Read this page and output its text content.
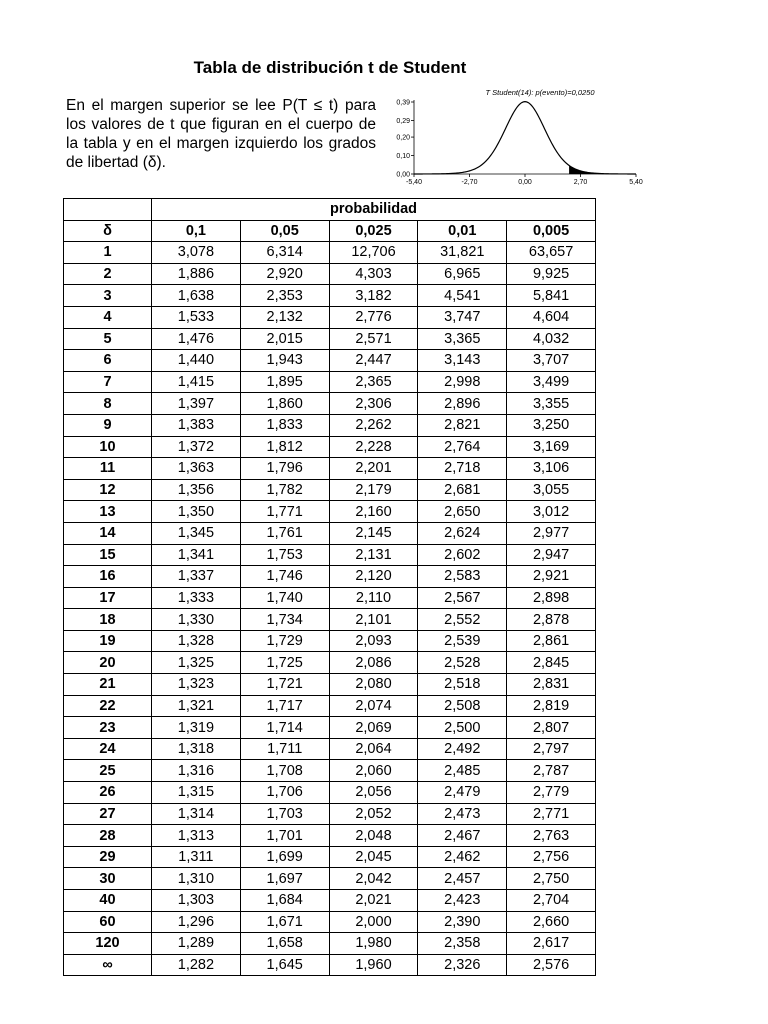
Tabla de distribución t de Student
En el margen superior se lee P(T ≤ t) para los valores de t que figuran en el cuerpo de la tabla y en el margen izquierdo los grados de libertad (δ).
0,00
0,10
0,20
0,29
0,39
-5,40	-2,70	0,00	2,70	5,40
T Student(14): p(evento)=0,0250
	probabilidad				
δ	0,1	0,05	0,025	0,01	0,005
1	3,078	6,314	12,706	31,821	63,657
2	1,886	2,920	4,303	6,965	9,925
3	1,638	2,353	3,182	4,541	5,841
4	1,533	2,132	2,776	3,747	4,604
5	1,476	2,015	2,571	3,365	4,032
6	1,440	1,943	2,447	3,143	3,707
7	1,415	1,895	2,365	2,998	3,499
8	1,397	1,860	2,306	2,896	3,355
9	1,383	1,833	2,262	2,821	3,250
10	1,372	1,812	2,228	2,764	3,169
11	1,363	1,796	2,201	2,718	3,106
12	1,356	1,782	2,179	2,681	3,055
13	1,350	1,771	2,160	2,650	3,012
14	1,345	1,761	2,145	2,624	2,977
15	1,341	1,753	2,131	2,602	2,947
16	1,337	1,746	2,120	2,583	2,921
17	1,333	1,740	2,110	2,567	2,898
18	1,330	1,734	2,101	2,552	2,878
19	1,328	1,729	2,093	2,539	2,861
20	1,325	1,725	2,086	2,528	2,845
21	1,323	1,721	2,080	2,518	2,831
22	1,321	1,717	2,074	2,508	2,819
23	1,319	1,714	2,069	2,500	2,807
24	1,318	1,711	2,064	2,492	2,797
25	1,316	1,708	2,060	2,485	2,787
26	1,315	1,706	2,056	2,479	2,779
27	1,314	1,703	2,052	2,473	2,771
28	1,313	1,701	2,048	2,467	2,763
29	1,311	1,699	2,045	2,462	2,756
30	1,310	1,697	2,042	2,457	2,750
40	1,303	1,684	2,021	2,423	2,704
60	1,296	1,671	2,000	2,390	2,660
120	1,289	1,658	1,980	2,358	2,617
∞	1,282	1,645	1,960	2,326	2,576
